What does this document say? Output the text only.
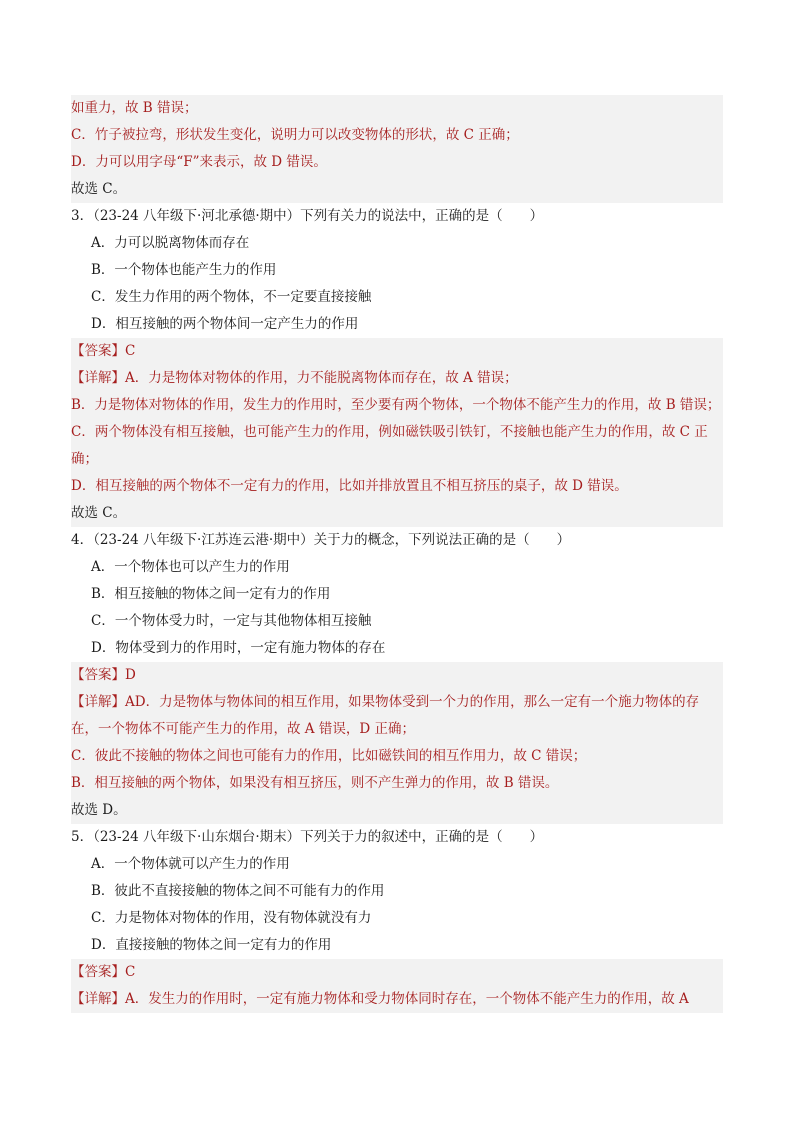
如重力，故 B 错误；
C．竹子被拉弯，形状发生变化，说明力可以改变物体的形状，故 C 正确；
D．力可以用字母“F”来表示，故 D 错误。
故选 C。
3．（23-24 八年级下·河北承德·期中）下列有关力的说法中，正确的是（　　）
A．力可以脱离物体而存在
B．一个物体也能产生力的作用
C．发生力作用的两个物体，不一定要直接接触
D．相互接触的两个物体间一定产生力的作用
【答案】C
【详解】A．力是物体对物体的作用，力不能脱离物体而存在，故 A 错误；
B．力是物体对物体的作用，发生力的作用时，至少要有两个物体，一个物体不能产生力的作用，故 B 错误；
C．两个物体没有相互接触，也可能产生力的作用，例如磁铁吸引铁钉，不接触也能产生力的作用，故 C 正
确；
D．相互接触的两个物体不一定有力的作用，比如并排放置且不相互挤压的桌子，故 D 错误。
故选 C。
4．（23-24 八年级下·江苏连云港·期中）关于力的概念，下列说法正确的是（　　）
A．一个物体也可以产生力的作用
B．相互接触的物体之间一定有力的作用
C．一个物体受力时，一定与其他物体相互接触
D．物体受到力的作用时，一定有施力物体的存在
【答案】D
【详解】AD．力是物体与物体间的相互作用，如果物体受到一个力的作用，那么一定有一个施力物体的存
在，一个物体不可能产生力的作用，故 A 错误，D 正确；
C．彼此不接触的物体之间也可能有力的作用，比如磁铁间的相互作用力，故 C 错误；
B．相互接触的两个物体，如果没有相互挤压，则不产生弹力的作用，故 B 错误。
故选 D。
5．（23-24 八年级下·山东烟台·期末）下列关于力的叙述中，正确的是（　　）
A．一个物体就可以产生力的作用
B．彼此不直接接触的物体之间不可能有力的作用
C．力是物体对物体的作用，没有物体就没有力
D．直接接触的物体之间一定有力的作用
【答案】C
【详解】A．发生力的作用时，一定有施力物体和受力物体同时存在，一个物体不能产生力的作用，故 A
